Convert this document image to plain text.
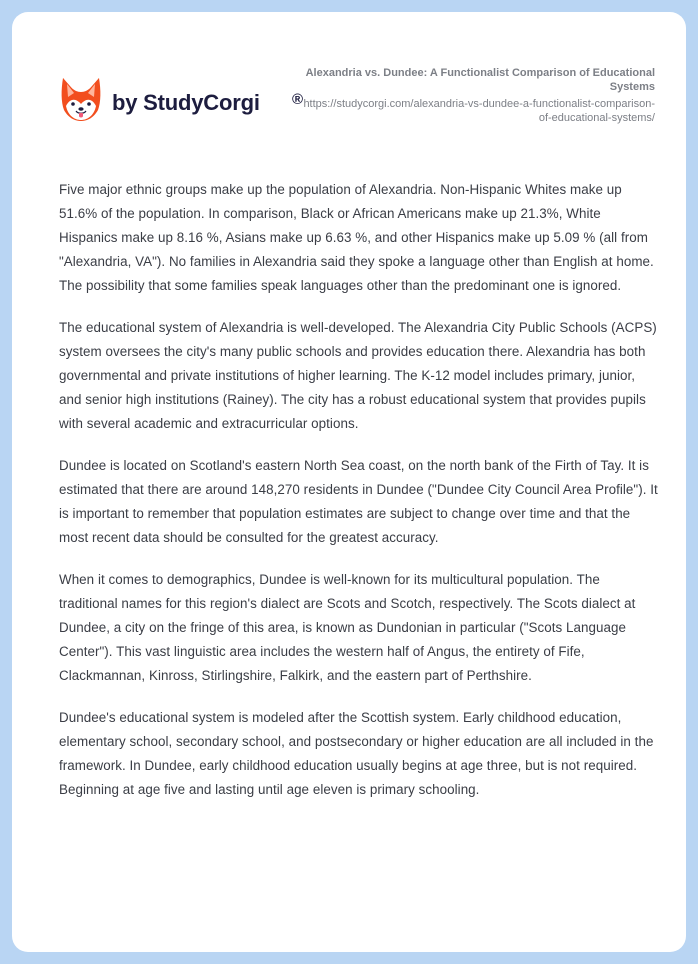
by StudyCorgi ®
Alexandria vs. Dundee: A Functionalist Comparison of Educational Systems
https://studycorgi.com/alexandria-vs-dundee-a-functionalist-comparison-of-educational-systems/

Five major ethnic groups make up the population of Alexandria. Non-Hispanic Whites make up 51.6% of the population. In comparison, Black or African Americans make up 21.3%, White Hispanics make up 8.16 %, Asians make up 6.63 %, and other Hispanics make up 5.09 % (all from "Alexandria, VA"). No families in Alexandria said they spoke a language other than English at home. The possibility that some families speak languages other than the predominant one is ignored.

The educational system of Alexandria is well-developed. The Alexandria City Public Schools (ACPS) system oversees the city's many public schools and provides education there. Alexandria has both governmental and private institutions of higher learning. The K-12 model includes primary, junior, and senior high institutions (Rainey). The city has a robust educational system that provides pupils with several academic and extracurricular options.

Dundee is located on Scotland's eastern North Sea coast, on the north bank of the Firth of Tay. It is estimated that there are around 148,270 residents in Dundee ("Dundee City Council Area Profile"). It is important to remember that population estimates are subject to change over time and that the most recent data should be consulted for the greatest accuracy.

When it comes to demographics, Dundee is well-known for its multicultural population. The traditional names for this region's dialect are Scots and Scotch, respectively. The Scots dialect at Dundee, a city on the fringe of this area, is known as Dundonian in particular ("Scots Language Center"). This vast linguistic area includes the western half of Angus, the entirety of Fife, Clackmannan, Kinross, Stirlingshire, Falkirk, and the eastern part of Perthshire.

Dundee's educational system is modeled after the Scottish system. Early childhood education, elementary school, secondary school, and postsecondary or higher education are all included in the framework. In Dundee, early childhood education usually begins at age three, but is not required. Beginning at age five and lasting until age eleven is primary schooling.
